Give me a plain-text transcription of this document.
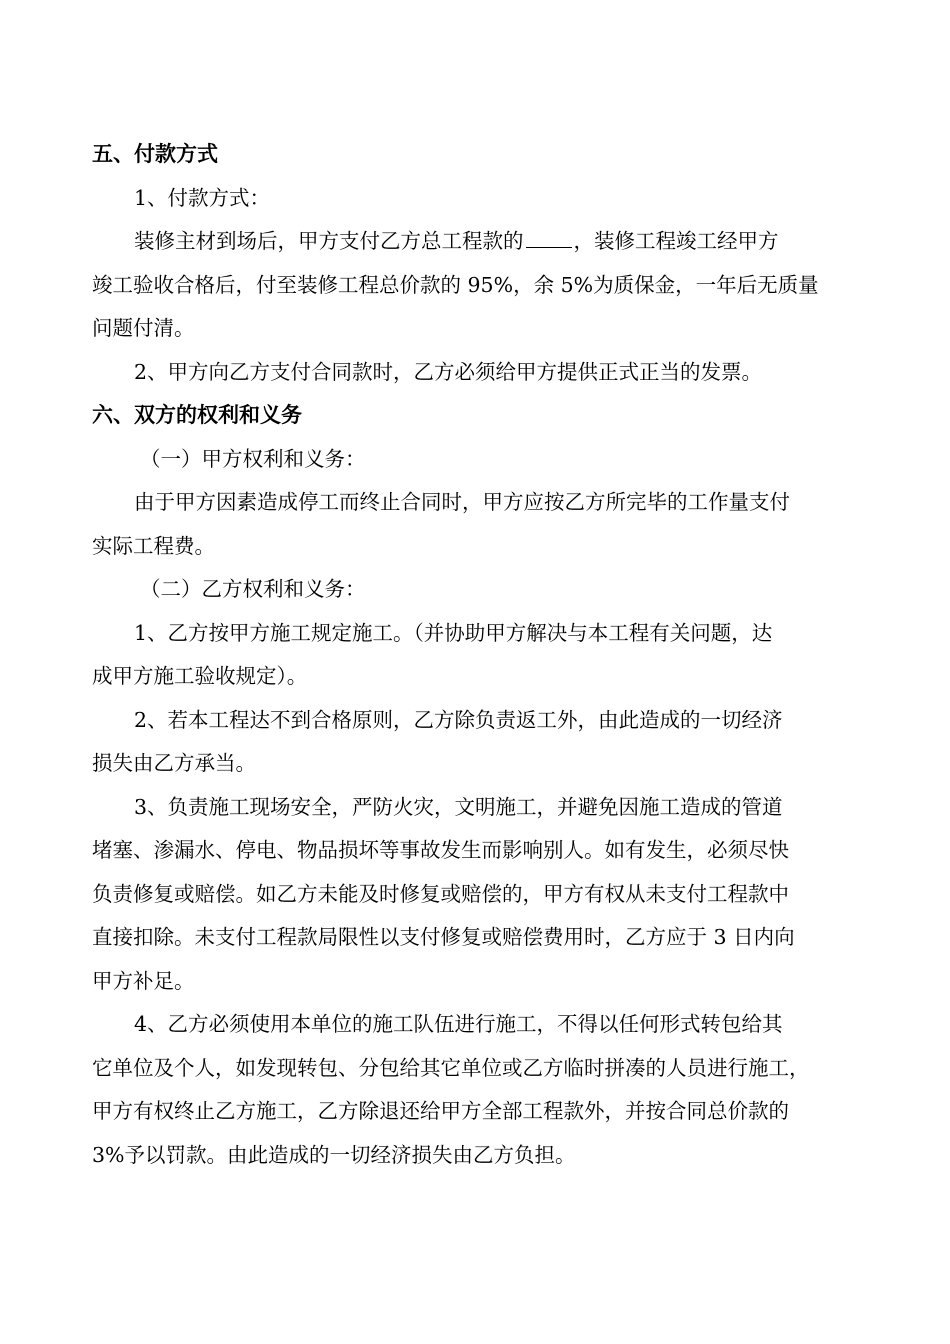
五、付款方式

1、付款方式：

装修主材到场后，甲方支付乙方总工程款的 ，装修工程竣工经甲方
竣工验收合格后，付至装修工程总价款的 95%，余 5%为质保金，一年后无质量
问题付清。

2、甲方向乙方支付合同款时，乙方必须给甲方提供正式正当的发票。

六、双方的权利和义务

（一）甲方权利和义务：

由于甲方因素造成停工而终止合同时，甲方应按乙方所完毕的工作量支付
实际工程费。

（二）乙方权利和义务：

1、乙方按甲方施工规定施工。（并协助甲方解决与本工程有关问题，达
成甲方施工验收规定）。

2、若本工程达不到合格原则，乙方除负责返工外，由此造成的一切经济
损失由乙方承当。

3、负责施工现场安全，严防火灾，文明施工，并避免因施工造成的管道
堵塞、渗漏水、停电、物品损坏等事故发生而影响别人。如有发生，必须尽快
负责修复或赔偿。如乙方未能及时修复或赔偿的，甲方有权从未支付工程款中
直接扣除。未支付工程款局限性以支付修复或赔偿费用时，乙方应于 3 日内向
甲方补足。

4、乙方必须使用本单位的施工队伍进行施工，不得以任何形式转包给其
它单位及个人，如发现转包、分包给其它单位或乙方临时拼凑的人员进行施工，
甲方有权终止乙方施工，乙方除退还给甲方全部工程款外，并按合同总价款的
3%予以罚款。由此造成的一切经济损失由乙方负担。
